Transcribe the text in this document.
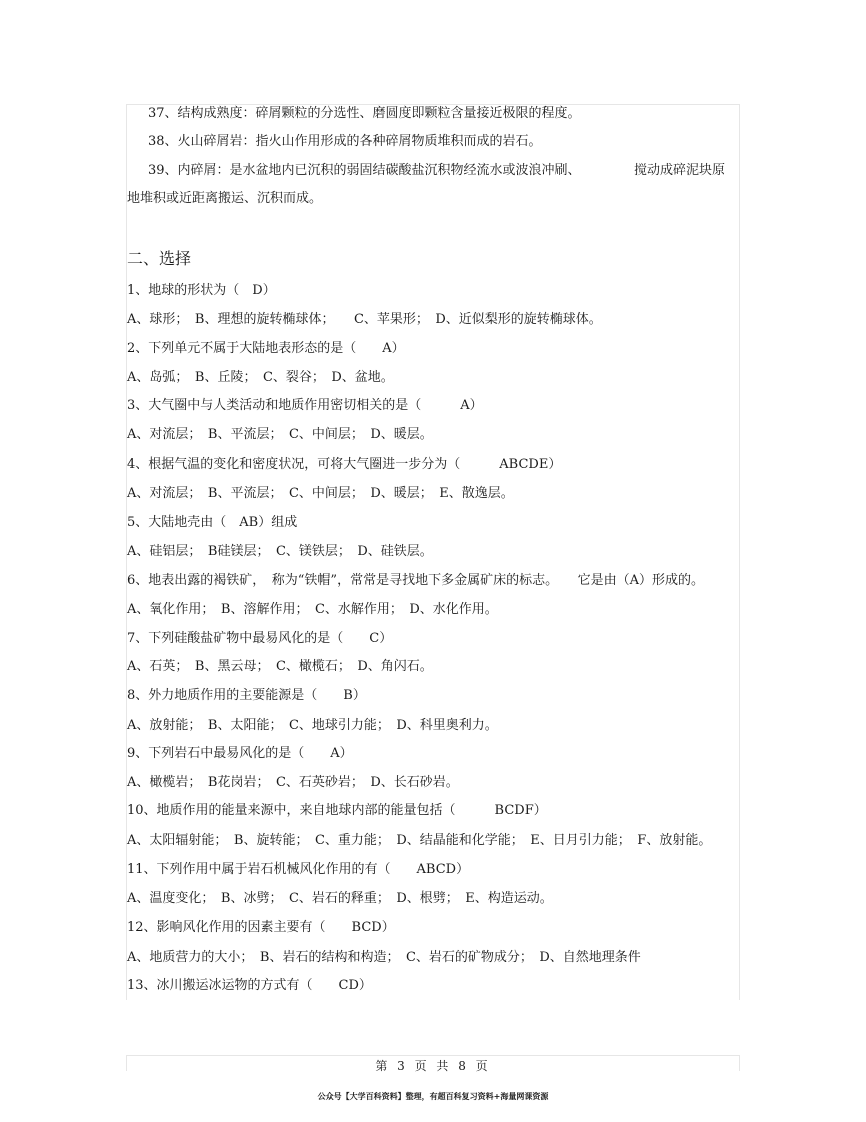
37、结构成熟度：碎屑颗粒的分选性、磨圆度即颗粒含量接近极限的程度。
38、火山碎屑岩：指火山作用形成的各种碎屑物质堆积而成的岩石。
39、内碎屑：是水盆地内已沉积的弱固结碳酸盐沉积物经流水或波浪冲刷、	搅动成碎泥块原
地堆积或近距离搬运、沉积而成。
二、选择
1、地球的形状为（　D）
A、球形；　B、理想的旋转椭球体；　　C、苹果形；　D、近似梨形的旋转椭球体。
2、下列单元不属于大陆地表形态的是（　　A）
A、岛弧；　B、丘陵；　C、裂谷；　D、盆地。
3、大气圈中与人类活动和地质作用密切相关的是（　　　A）
A、对流层；　B、平流层；　C、中间层；　D、暖层。
4、根据气温的变化和密度状况，可将大气圈进一步分为（　　　ABCDE）
A、对流层；　B、平流层；　C、中间层；　D、暖层；　E、散逸层。
5、大陆地壳由（　AB）组成
A、硅铝层；　B硅镁层；　C、镁铁层；　D、硅铁层。
6、地表出露的褐铁矿，　称为“铁帽”，常常是寻找地下多金属矿床的标志。　　它是由（A）形成的。
A、氧化作用；　B、溶解作用；　C、水解作用；　D、水化作用。
7、下列硅酸盐矿物中最易风化的是（　　C）
A、石英；　B、黑云母；　C、橄榄石；　D、角闪石。
8、外力地质作用的主要能源是（　　B）
A、放射能；　B、太阳能；　C、地球引力能；　D、科里奥利力。
9、下列岩石中最易风化的是（　　A）
A、橄榄岩；　B花岗岩；　C、石英砂岩；　D、长石砂岩。
10、地质作用的能量来源中，来自地球内部的能量包括（　　　BCDF）
A、太阳辐射能；　B、旋转能；　C、重力能；　D、结晶能和化学能；　E、日月引力能；　F、放射能。
11、下列作用中属于岩石机械风化作用的有（　　ABCD）
A、温度变化；　B、冰劈；　C、岩石的释重；　D、根劈；　E、构造运动。
12、影响风化作用的因素主要有（　　BCD）
A、地质营力的大小；　B、岩石的结构和构造；　C、岩石的矿物成分；　D、自然地理条件
13、冰川搬运冰运物的方式有（　　CD）
第 3 页 共 8 页
公众号【大学百科资料】整理，有超百科复习资料+海量网课资源
